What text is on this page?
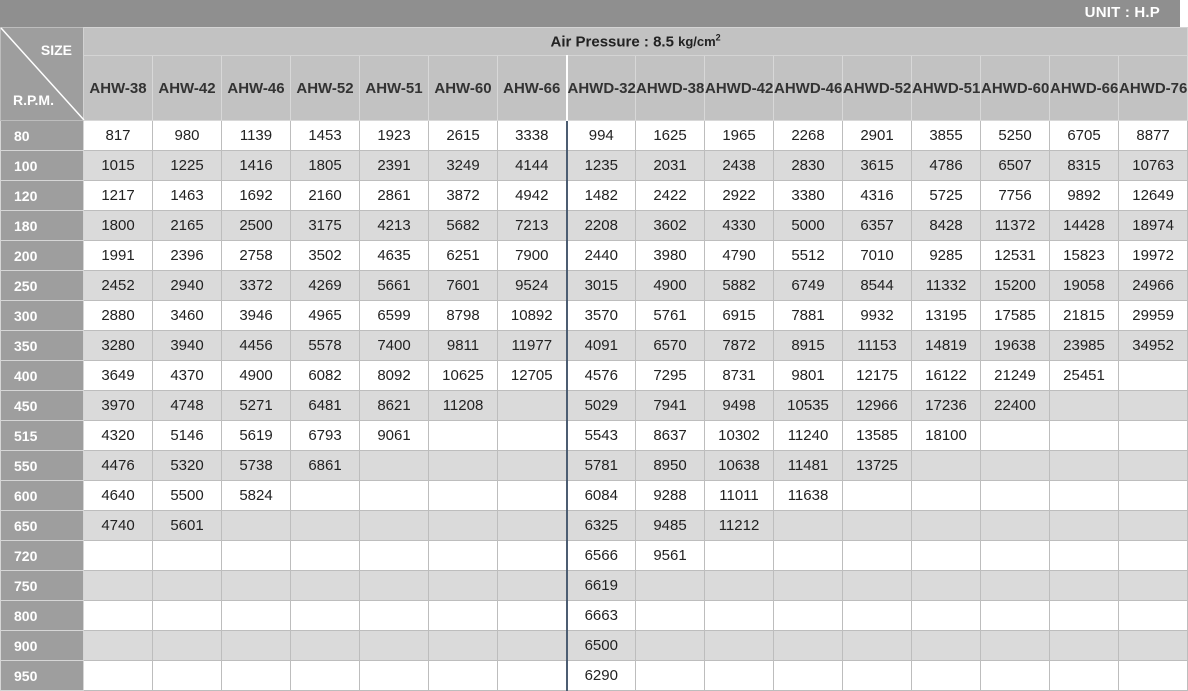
UNIT : H.P
SIZE
R.P.M.	Air Pressure : 8.5 $kg/cm^2$
	AHW-38	AHW-42	AHW-46	AHW-52	AHW-51	AHW-60	AHW-66	AHWD-32	AHWD-38	AHWD-42	AHWD-46	AHWD-52	AHWD-51	AHWD-60	AHWD-66	AHWD-76
80	817	980	1139	1453	1923	2615	3338	994	1625	1965	2268	2901	3855	5250	6705	8877
100	1015	1225	1416	1805	2391	3249	4144	1235	2031	2438	2830	3615	4786	6507	8315	10763
120	1217	1463	1692	2160	2861	3872	4942	1482	2422	2922	3380	4316	5725	7756	9892	12649
180	1800	2165	2500	3175	4213	5682	7213	2208	3602	4330	5000	6357	8428	11372	14428	18974
200	1991	2396	2758	3502	4635	6251	7900	2440	3980	4790	5512	7010	9285	12531	15823	19972
250	2452	2940	3372	4269	5661	7601	9524	3015	4900	5882	6749	8544	11332	15200	19058	24966
300	2880	3460	3946	4965	6599	8798	10892	3570	5761	6915	7881	9932	13195	17585	21815	29959
350	3280	3940	4456	5578	7400	9811	11977	4091	6570	7872	8915	11153	14819	19638	23985	34952
400	3649	4370	4900	6082	8092	10625	12705	4576	7295	8731	9801	12175	16122	21249	25451	
450	3970	4748	5271	6481	8621	11208		5029	7941	9498	10535	12966	17236	22400		
515	4320	5146	5619	6793	9061			5543	8637	10302	11240	13585	18100			
550	4476	5320	5738	6861				5781	8950	10638	11481	13725				
600	4640	5500	5824					6084	9288	11011	11638					
650	4740	5601						6325	9485	11212						
720								6566	9561							
750								6619								
800								6663								
900								6500								
950								6290								
